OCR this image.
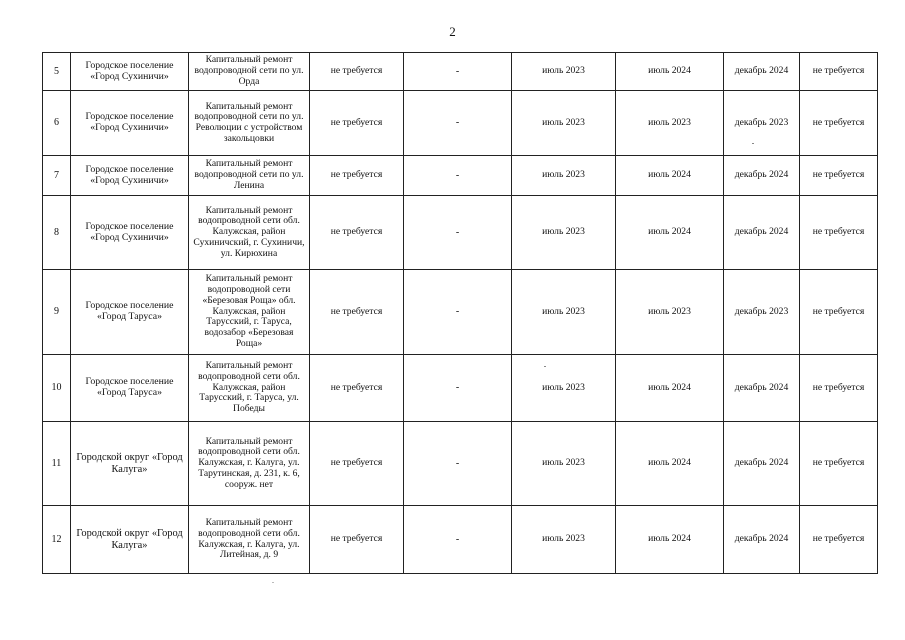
2
5	Городское поселение «Город Сухиничи»	Капитальный ремонт водопроводной сети по ул. Орда	не требуется	-	июль 2023	июль 2024	декабрь 2024	не требуется
6	Городское поселение «Город Сухиничи»	Капитальный ремонт водопроводной сети по ул. Революции с устройством закольцовки	не требуется	-	июль 2023	июль 2023	декабрь 2023	не требуется
7	Городское поселение «Город Сухиничи»	Капитальный ремонт водопроводной сети по ул. Ленина	не требуется	-	июль 2023	июль 2024	декабрь 2024	не требуется
8	Городское поселение «Город Сухиничи»	Капитальный ремонт водопроводной сети обл. Калужская, район Сухиничский, г. Сухиничи, ул. Кирюхина	не требуется	-	июль 2023	июль 2024	декабрь 2024	не требуется
9	Городское поселение «Город Таруса»	Капитальный ремонт водопроводной сети «Березовая Роща» обл. Калужская, район Тарусский, г. Таруса, водозабор «Березовая Роща»	не требуется	-	июль 2023	июль 2023	декабрь 2023	не требуется
10	Городское поселение «Город Таруса»	Капитальный ремонт водопроводной сети обл. Калужская, район Тарусский, г. Таруса, ул. Победы	не требуется	-	июль 2023	июль 2024	декабрь 2024	не требуется
11	Городской округ «Город Калуга»	Капитальный ремонт водопроводной сети обл. Калужская, г. Калуга, ул. Тарутинская, д. 231, к. 6, сооруж. нет	не требуется	-	июль 2023	июль 2024	декабрь 2024	не требуется
12	Городской округ «Город Калуга»	Капитальный ремонт водопроводной сети обл. Калужская, г. Калуга, ул. Литейная, д. 9	не требуется	-	июль 2023	июль 2024	декабрь 2024	не требуется
